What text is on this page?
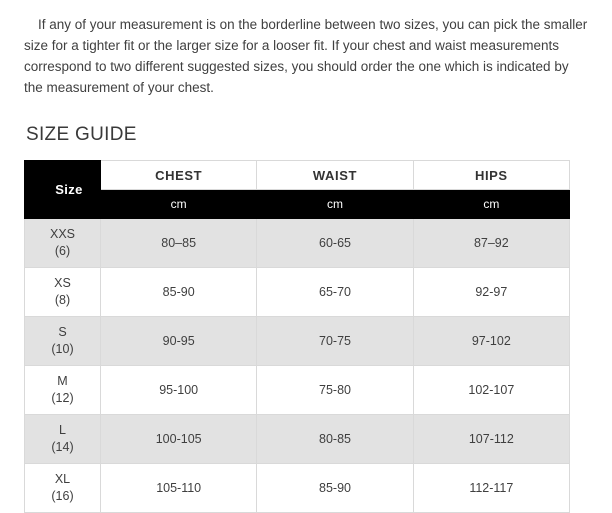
If any of your measurement is on the borderline between two sizes, you can pick the smaller size for a tighter fit or the larger size for a looser fit. If your chest and waist measurements correspond to two different suggested sizes, you should order the one which is indicated by the measurement of your chest.

SIZE GUIDE
Size	CHEST	WAIST	HIPS
	cm	cm	cm

XXS
(6)	80–85	60-65	87–92

XS
(8)	85-90	65-70	92-97

S
(10)	90-95	70-75	97-102

M
(12)	95-100	75-80	102-107

L
(14)	100-105	80-85	107-112

XL
(16)	105-110	85-90	112-117
